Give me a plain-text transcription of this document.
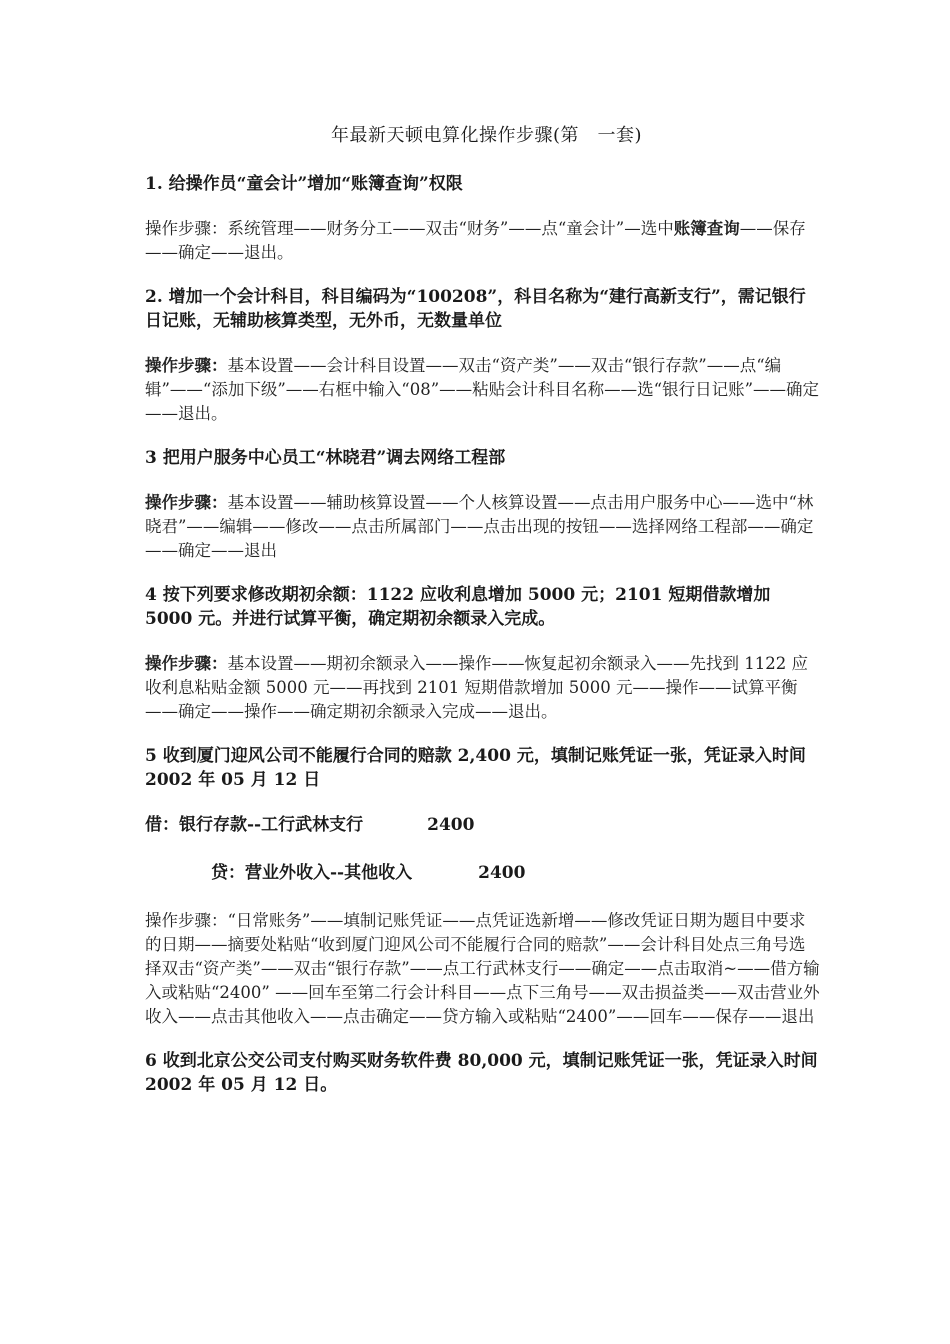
年最新天顿电算化操作步骤(第　一套)
1. 给操作员“童会计”增加“账簿查询”权限
操作步骤：系统管理——财务分工——双击“财务”——点“童会计”—选中账簿查询——保存——确定——退出。
2. 增加一个会计科目，科目编码为“100208”，科目名称为“建行高新支行”，需记银行日记账，无辅助核算类型，无外币，无数量单位
操作步骤：基本设置——会计科目设置——双击“资产类”——双击“银行存款”——点“编辑”——“添加下级”——右框中输入“08”——粘贴会计科目名称——选“银行日记账”——确定——退出。
3 把用户服务中心员工“林晓君”调去网络工程部
操作步骤：基本设置——辅助核算设置——个人核算设置——点击用户服务中心——选中“林晓君”——编辑——修改——点击所属部门——点击出现的按钮——选择网络工程部——确定——确定——退出
4 按下列要求修改期初余额：1122 应收利息增加 5000 元；2101 短期借款增加 5000 元。并进行试算平衡，确定期初余额录入完成。
操作步骤：基本设置——期初余额录入——操作——恢复起初余额录入——先找到 1122 应收利息粘贴金额 5000 元——再找到 2101 短期借款增加 5000 元——操作——试算平衡——确定——操作——确定期初余额录入完成——退出。
5 收到厦门迎风公司不能履行合同的赔款 2,400 元，填制记账凭证一张，凭证录入时间 2002 年 05 月 12 日
借：银行存款--工行武林支行	2400
贷：营业外收入--其他收入	2400
操作步骤：“日常账务”——填制记账凭证——点凭证选新增——修改凭证日期为题目中要求的日期——摘要处粘贴“收到厦门迎风公司不能履行合同的赔款”——会计科目处点三角号选择双击“资产类”——双击“银行存款”——点工行武林支行——确定——点击取消~——借方输入或粘贴“2400” ——回车至第二行会计科目——点下三角号——双击损益类——双击营业外收入——点击其他收入——点击确定——贷方输入或粘贴“2400”——回车——保存——退出
6 收到北京公交公司支付购买财务软件费 80,000 元，填制记账凭证一张，凭证录入时间 2002 年 05 月 12 日。
